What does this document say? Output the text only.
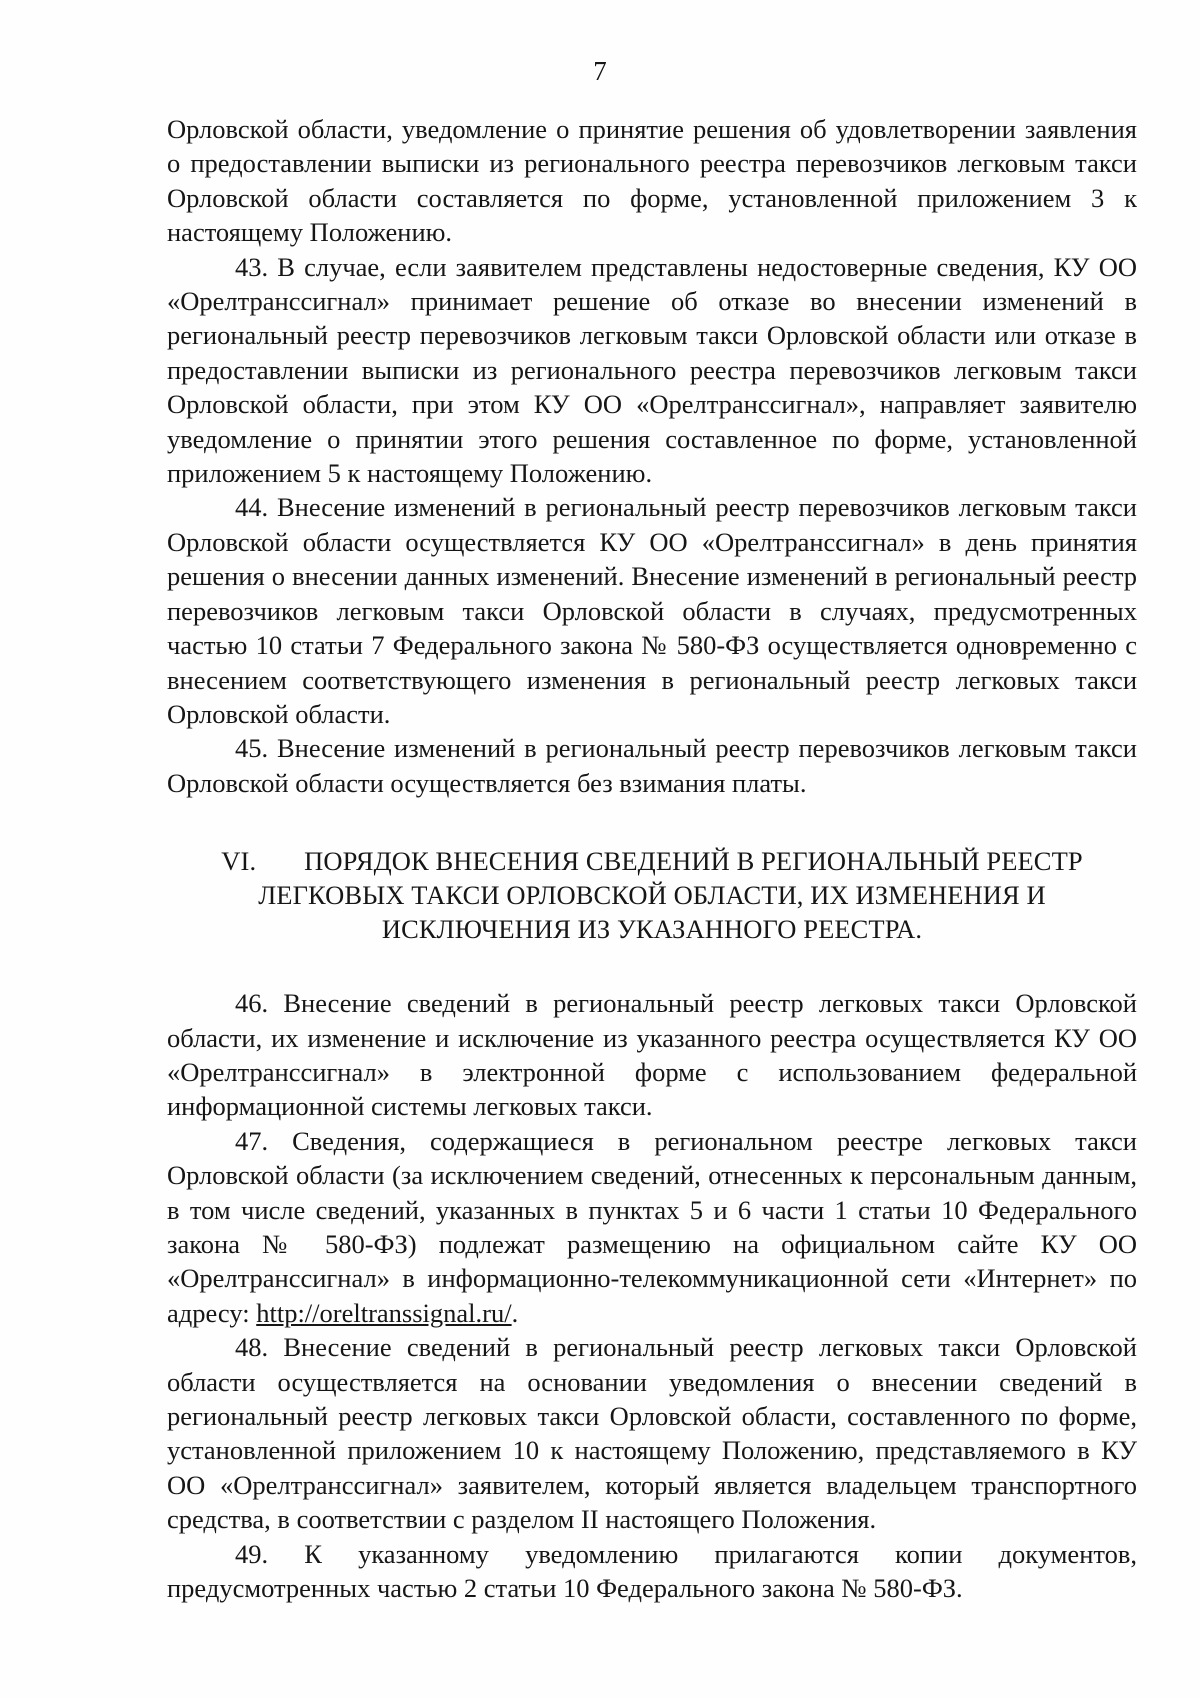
7

Орловской области, уведомление о принятие решения об удовлетворении заявления о предоставлении выписки из регионального реестра перевозчиков легковым такси Орловской области составляется по форме, установленной приложением 3 к настоящему Положению.

43. В случае, если заявителем представлены недостоверные сведения, КУ ОО «Орелтранссигнал» принимает решение об отказе во внесении изменений в региональный реестр перевозчиков легковым такси Орловской области или отказе в предоставлении выписки из регионального реестра перевозчиков легковым такси Орловской области, при этом КУ ОО «Орелтранссигнал», направляет заявителю уведомление о принятии этого решения составленное по форме, установленной приложением 5 к настоящему Положению.

44. Внесение изменений в региональный реестр перевозчиков легковым такси Орловской области осуществляется КУ ОО «Орелтранссигнал» в день принятия решения о внесении данных изменений. Внесение изменений в региональный реестр перевозчиков легковым такси Орловской области в случаях, предусмотренных частью 10 статьи 7 Федерального закона № 580-ФЗ осуществляется одновременно с внесением соответствующего изменения в региональный реестр легковых такси Орловской области.

45. Внесение изменений в региональный реестр перевозчиков легковым такси Орловской области осуществляется без взимания платы.

VI. ПОРЯДОК ВНЕСЕНИЯ СВЕДЕНИЙ В РЕГИОНАЛЬНЫЙ РЕЕСТР
ЛЕГКОВЫХ ТАКСИ ОРЛОВСКОЙ ОБЛАСТИ, ИХ ИЗМЕНЕНИЯ И
ИСКЛЮЧЕНИЯ ИЗ УКАЗАННОГО РЕЕСТРА.

46. Внесение сведений в региональный реестр легковых такси Орловской области, их изменение и исключение из указанного реестра осуществляется КУ ОО «Орелтранссигнал» в электронной форме с использованием федеральной информационной системы легковых такси.

47. Сведения, содержащиеся в региональном реестре легковых такси Орловской области (за исключением сведений, отнесенных к персональным данным, в том числе сведений, указанных в пунктах 5 и 6 части 1 статьи 10 Федерального закона № 580-ФЗ) подлежат размещению на официальном сайте КУ ОО «Орелтранссигнал» в информационно-телекоммуникационной сети «Интернет» по адресу: http://oreltranssignal.ru/.

48. Внесение сведений в региональный реестр легковых такси Орловской области осуществляется на основании уведомления о внесении сведений в региональный реестр легковых такси Орловской области, составленного по форме, установленной приложением 10 к настоящему Положению, представляемого в КУ ОО «Орелтранссигнал» заявителем, который является владельцем транспортного средства, в соответствии с разделом II настоящего Положения.

49. К указанному уведомлению прилагаются копии документов, предусмотренных частью 2 статьи 10 Федерального закона № 580-ФЗ.
